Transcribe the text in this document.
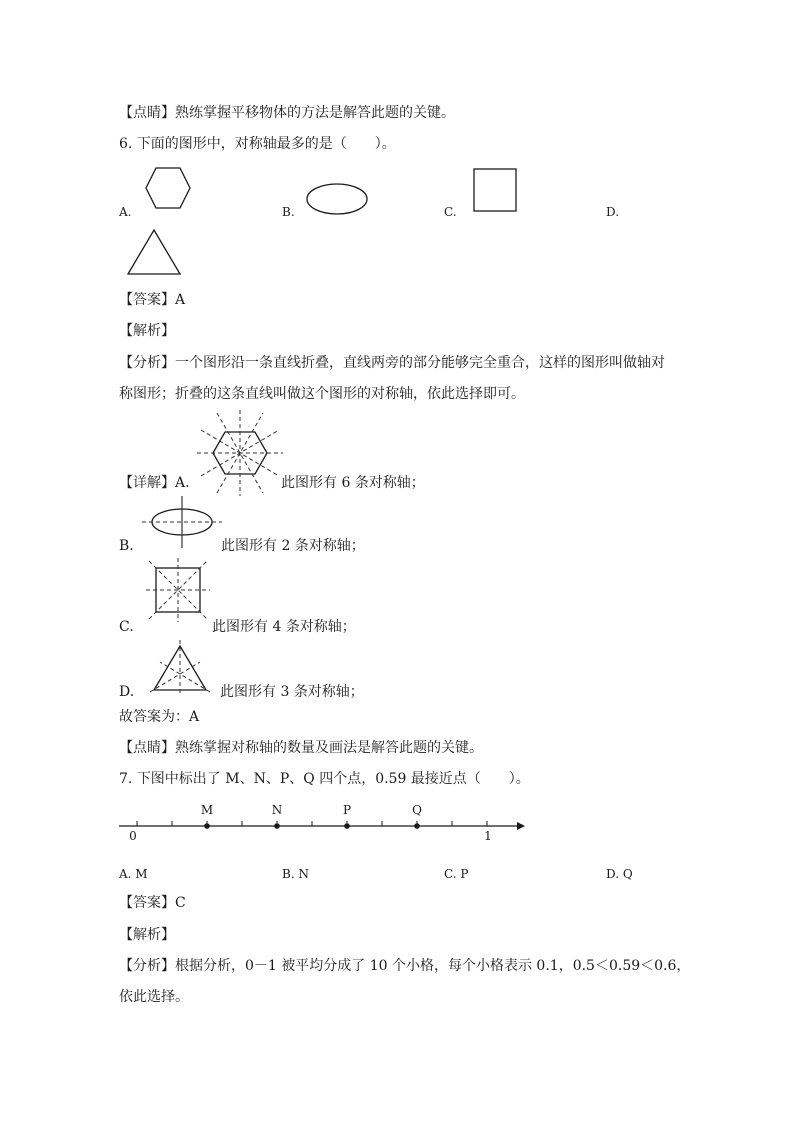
【点睛】熟练掌握平移物体的方法是解答此题的关键。
6. 下面的图形中，对称轴最多的是（　　）。
A.	B.	C.	D.
【答案】A
【解析】
【分析】一个图形沿一条直线折叠，直线两旁的部分能够完全重合，这样的图形叫做轴对
称图形；折叠的这条直线叫做这个图形的对称轴，依此选择即可。
【详解】A.	此图形有 6 条对称轴；
B.	此图形有 2 条对称轴；
C.	此图形有 4 条对称轴；
D.	此图形有 3 条对称轴；
故答案为：A
【点睛】熟练掌握对称轴的数量及画法是解答此题的关键。
7. 下图中标出了 M、N、P、Q 四个点，0.59 最接近点（　　）。
M	N	P	Q
0	1
A. M	B. N	C. P	D. Q
【答案】C
【解析】
【分析】根据分析，0－1 被平均分成了 10 个小格，每个小格表示 0.1，0.5＜0.59＜0.6，
依此选择。
